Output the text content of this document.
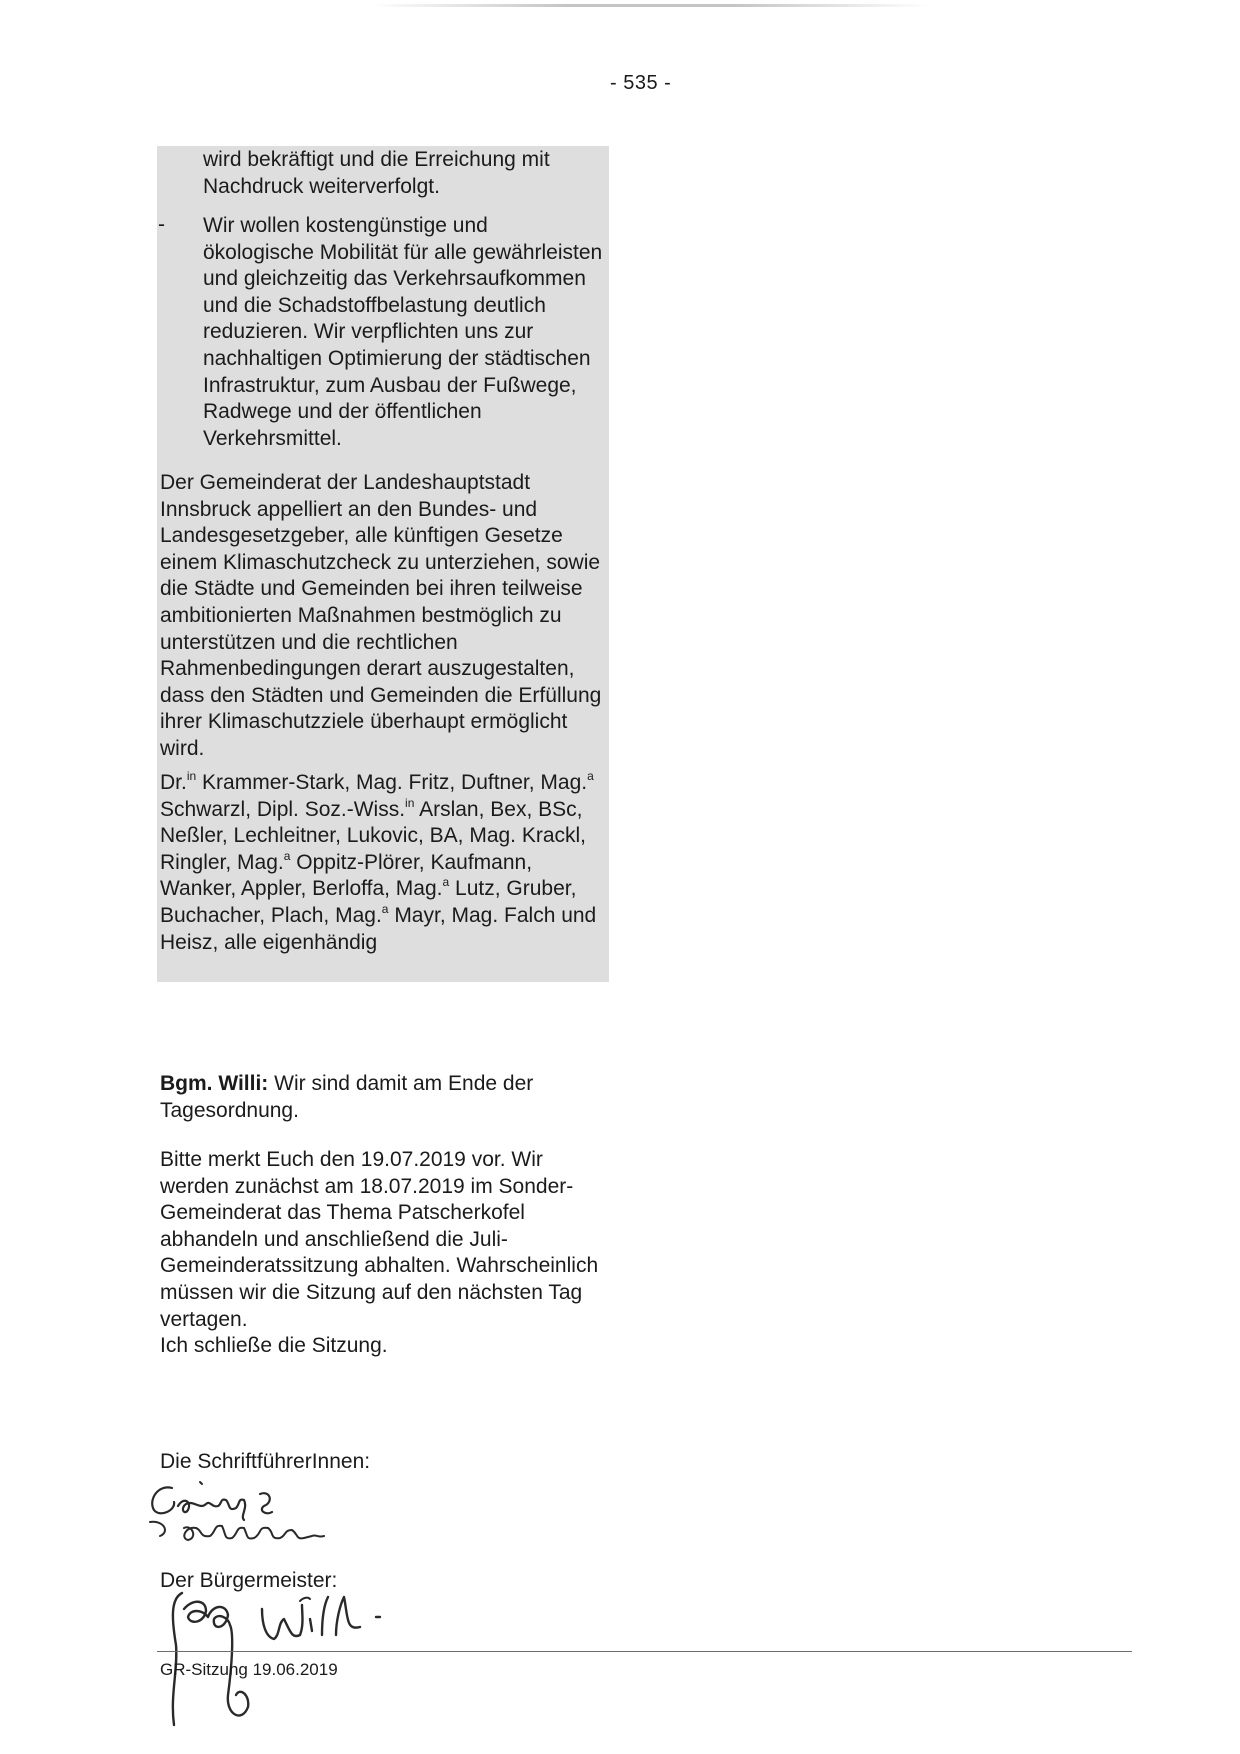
- 535 -

wird bekräftigt und die Erreichung mit Nachdruck weiterverfolgt.

- Wir wollen kostengünstige und ökologische Mobilität für alle gewährleisten und gleichzeitig das Verkehrsaufkommen und die Schadstoffbelastung deutlich reduzieren. Wir verpflichten uns zur nachhaltigen Optimierung der städtischen Infrastruktur, zum Ausbau der Fußwege, Radwege und der öffentlichen Verkehrsmittel.

Der Gemeinderat der Landeshauptstadt Innsbruck appelliert an den Bundes- und Landesgesetzgeber, alle künftigen Gesetze einem Klimaschutzcheck zu unterziehen, sowie die Städte und Gemeinden bei ihren teilweise ambitionierten Maßnahmen bestmöglich zu unterstützen und die rechtlichen Rahmenbedingungen derart auszugestalten, dass den Städten und Gemeinden die Erfüllung ihrer Klimaschutzziele überhaupt ermöglicht wird.

Dr.$^{in}$ Krammer-Stark, Mag. Fritz, Duftner, Mag.$^a$ Schwarzl, Dipl. Soz.-Wiss.$^{in}$ Arslan, Bex, BSc, Neßler, Lechleitner, Lukovic, BA, Mag. Krackl, Ringler, Mag.$^a$ Oppitz-Plörer, Kaufmann, Wanker, Appler, Berloffa, Mag.$^a$ Lutz, Gruber, Buchacher, Plach, Mag.$^a$ Mayr, Mag. Falch und Heisz, alle eigenhändig

Bgm. Willi: Wir sind damit am Ende der Tagesordnung.

Bitte merkt Euch den 19.07.2019 vor. Wir werden zunächst am 18.07.2019 im Sonder-Gemeinderat das Thema Patscherkofel abhandeln und anschließend die Juli-Gemeinderatssitzung abhalten. Wahrscheinlich müssen wir die Sitzung auf den nächsten Tag vertagen.

Ich schließe die Sitzung.

Die SchriftführerInnen:

Der Bürgermeister:

GR-Sitzung 19.06.2019
